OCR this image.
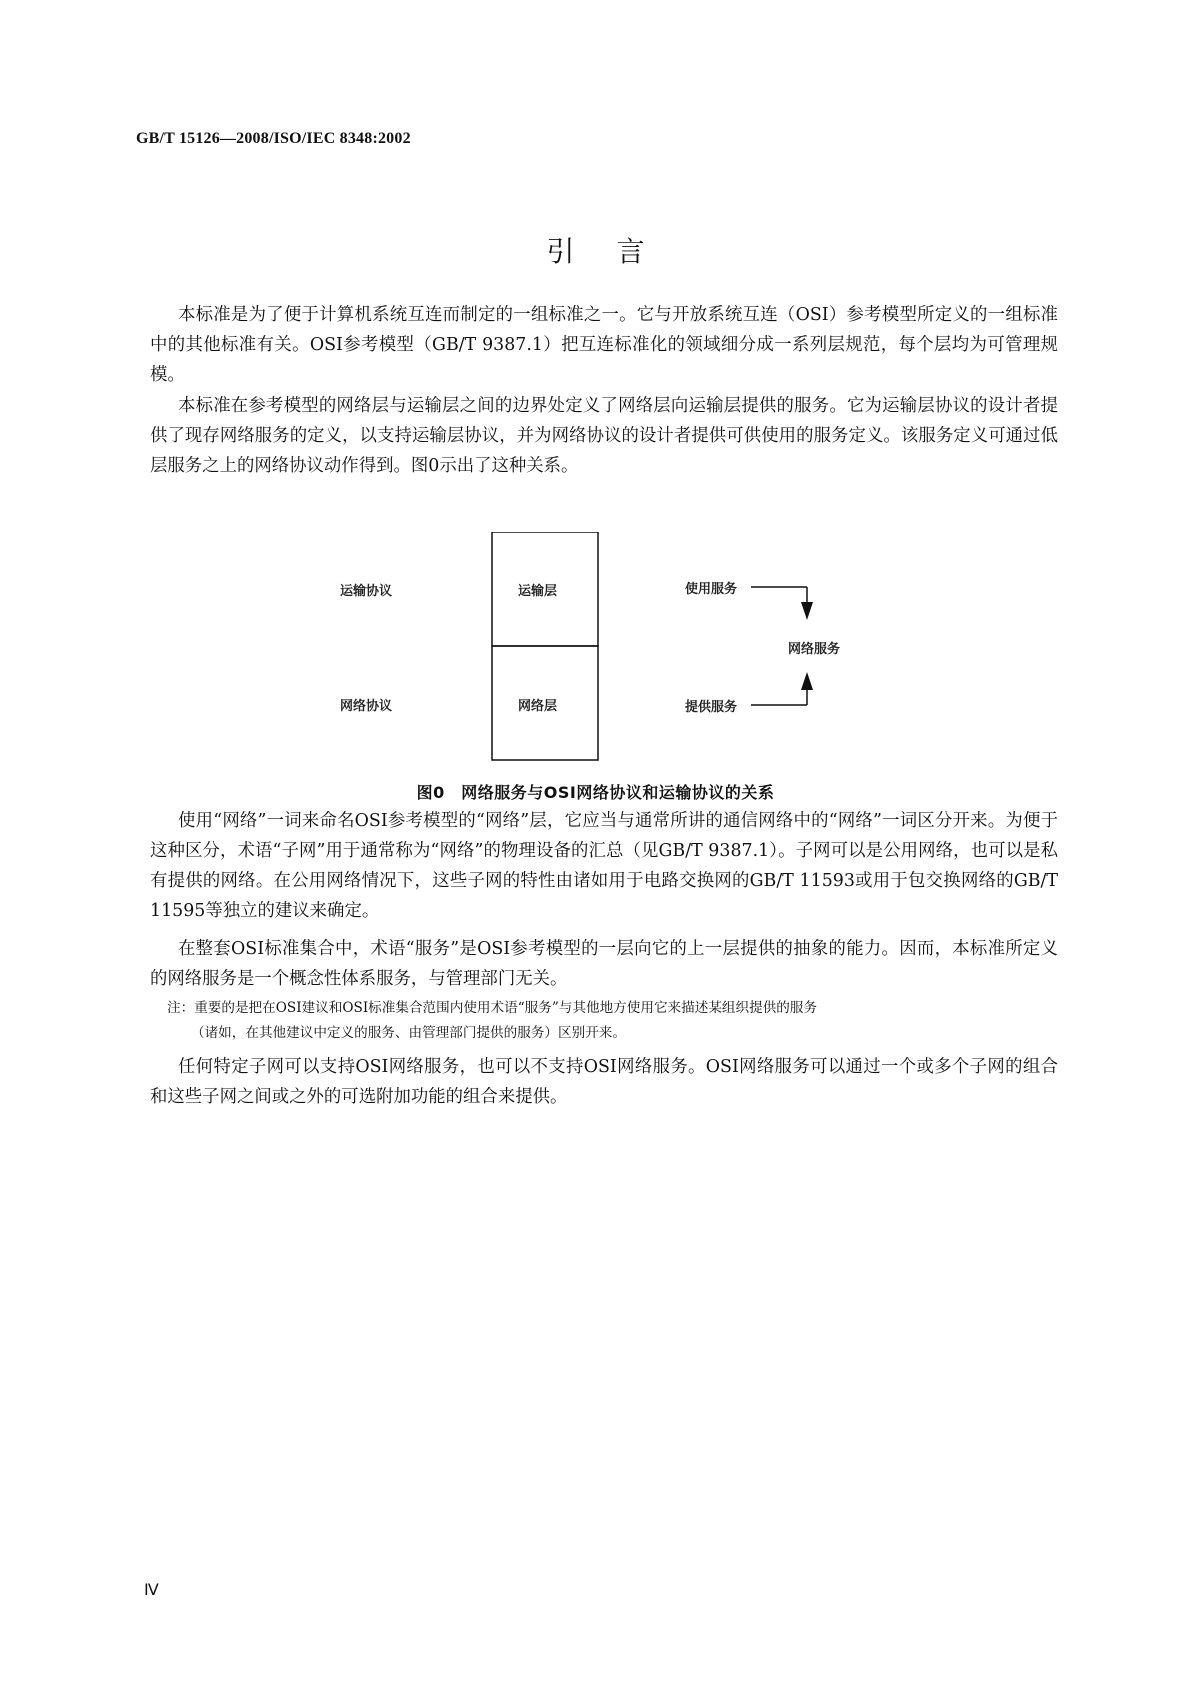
GB/T 15126—2008/ISO/IEC 8348:2002
引言

本标准是为了便于计算机系统互连而制定的一组标准之一。它与开放系统互连（OSI）参考模型所定义的一组标准中的其他标准有关。OSI参考模型（GB/T 9387.1）把互连标准化的领域细分成一系列层规范，每个层均为可管理规模。

本标准在参考模型的网络层与运输层之间的边界处定义了网络层向运输层提供的服务。它为运输层协议的设计者提供了现存网络服务的定义，以支持运输层协议，并为网络协议的设计者提供可供使用的服务定义。该服务定义可通过低层服务之上的网络协议动作得到。图0示出了这种关系。

运输协议
网络协议
运输层
网络层
使用服务
网络服务
提供服务
图0　网络服务与OSI网络协议和运输协议的关系

使用“网络”一词来命名OSI参考模型的“网络”层，它应当与通常所讲的通信网络中的“网络”一词区分开来。为便于这种区分，术语“子网”用于通常称为“网络”的物理设备的汇总（见GB/T 9387.1）。子网可以是公用网络，也可以是私有提供的网络。在公用网络情况下，这些子网的特性由诸如用于电路交换网的GB/T 11593或用于包交换网络的GB/T 11595等独立的建议来确定。

在整套OSI标准集合中，术语“服务”是OSI参考模型的一层向它的上一层提供的抽象的能力。因而，本标准所定义的网络服务是一个概念性体系服务，与管理部门无关。

注：重要的是把在OSI建议和OSI标准集合范围内使用术语“服务”与其他地方使用它来描述某组织提供的服务
（诸如，在其他建议中定义的服务、由管理部门提供的服务）区别开来。

任何特定子网可以支持OSI网络服务，也可以不支持OSI网络服务。OSI网络服务可以通过一个或多个子网的组合和这些子网之间或之外的可选附加功能的组合来提供。

Ⅳ
